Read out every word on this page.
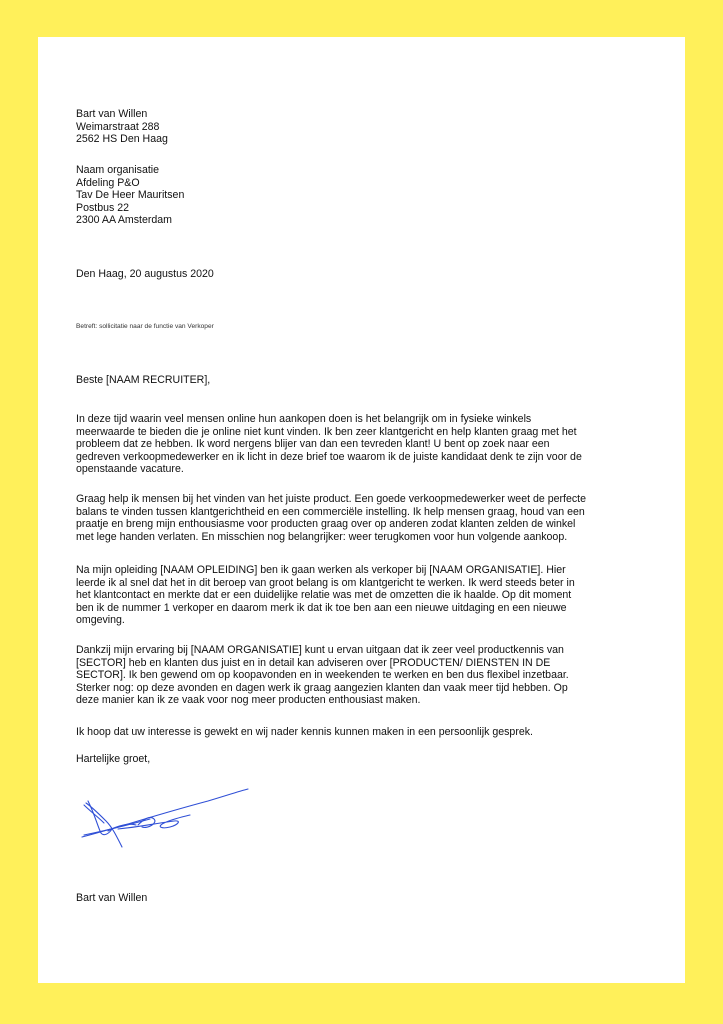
Bart van Willen
Weimarstraat 288
2562 HS Den Haag
Naam organisatie
Afdeling P&O
Tav De Heer Mauritsen
Postbus 22
2300 AA Amsterdam
Den Haag, 20 augustus 2020
Betreft: sollicitatie naar de functie van Verkoper
Beste [NAAM RECRUITER],
In deze tijd waarin veel mensen online hun aankopen doen is het belangrijk om in fysieke winkels
meerwaarde te bieden die je online niet kunt vinden. Ik ben zeer klantgericht en help klanten graag met het
probleem dat ze hebben. Ik word nergens blijer van dan een tevreden klant! U bent op zoek naar een
gedreven verkoopmedewerker en ik licht in deze brief toe waarom ik de juiste kandidaat denk te zijn voor de
openstaande vacature.
Graag help ik mensen bij het vinden van het juiste product. Een goede verkoopmedewerker weet de perfecte
balans te vinden tussen klantgerichtheid en een commerciële instelling. Ik help mensen graag, houd van een
praatje en breng mijn enthousiasme voor producten graag over op anderen zodat klanten zelden de winkel
met lege handen verlaten. En misschien nog belangrijker: weer terugkomen voor hun volgende aankoop.
Na mijn opleiding [NAAM OPLEIDING] ben ik gaan werken als verkoper bij [NAAM ORGANISATIE]. Hier
leerde ik al snel dat het in dit beroep van groot belang is om klantgericht te werken. Ik werd steeds beter in
het klantcontact en merkte dat er een duidelijke relatie was met de omzetten die ik haalde. Op dit moment
ben ik de nummer 1 verkoper en daarom merk ik dat ik toe ben aan een nieuwe uitdaging en een nieuwe
omgeving.
Dankzij mijn ervaring bij [NAAM ORGANISATIE] kunt u ervan uitgaan dat ik zeer veel productkennis van
[SECTOR] heb en klanten dus juist en in detail kan adviseren over [PRODUCTEN/ DIENSTEN IN DE
SECTOR]. Ik ben gewend om op koopavonden en in weekenden te werken en ben dus flexibel inzetbaar.
Sterker nog: op deze avonden en dagen werk ik graag aangezien klanten dan vaak meer tijd hebben. Op
deze manier kan ik ze vaak voor nog meer producten enthousiast maken.
Ik hoop dat uw interesse is gewekt en wij nader kennis kunnen maken in een persoonlijk gesprek.
Hartelijke groet,
Bart van Willen
